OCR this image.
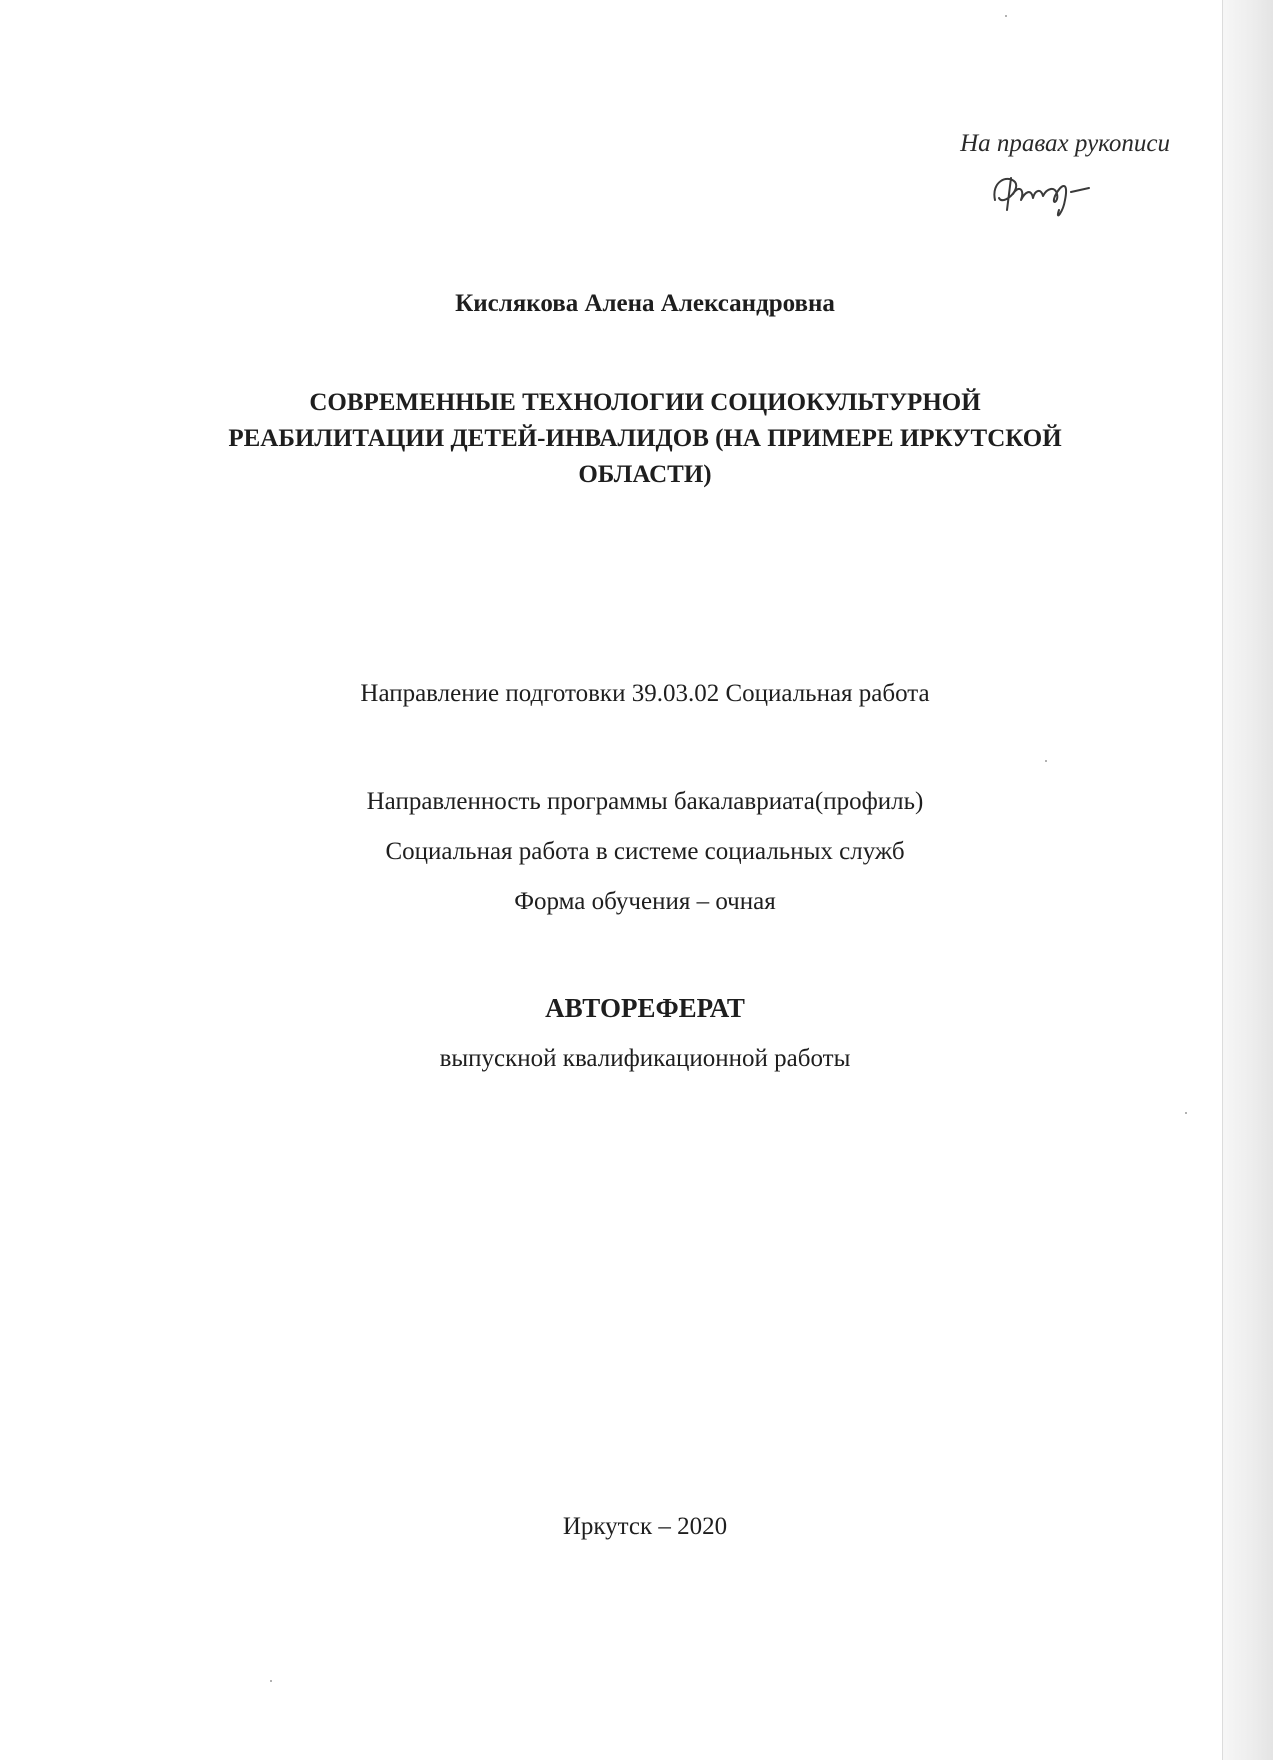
На правах рукописи
Кислякова Алена Александровна
СОВРЕМЕННЫЕ ТЕХНОЛОГИИ СОЦИОКУЛЬТУРНОЙ
РЕАБИЛИТАЦИИ ДЕТЕЙ-ИНВАЛИДОВ (НА ПРИМЕРЕ ИРКУТСКОЙ
ОБЛАСТИ)
Направление подготовки 39.03.02 Социальная работа
Направленность программы бакалавриата(профиль)
Социальная работа в системе социальных служб
Форма обучения – очная
АВТОРЕФЕРАТ
выпускной квалификационной работы
Иркутск – 2020
